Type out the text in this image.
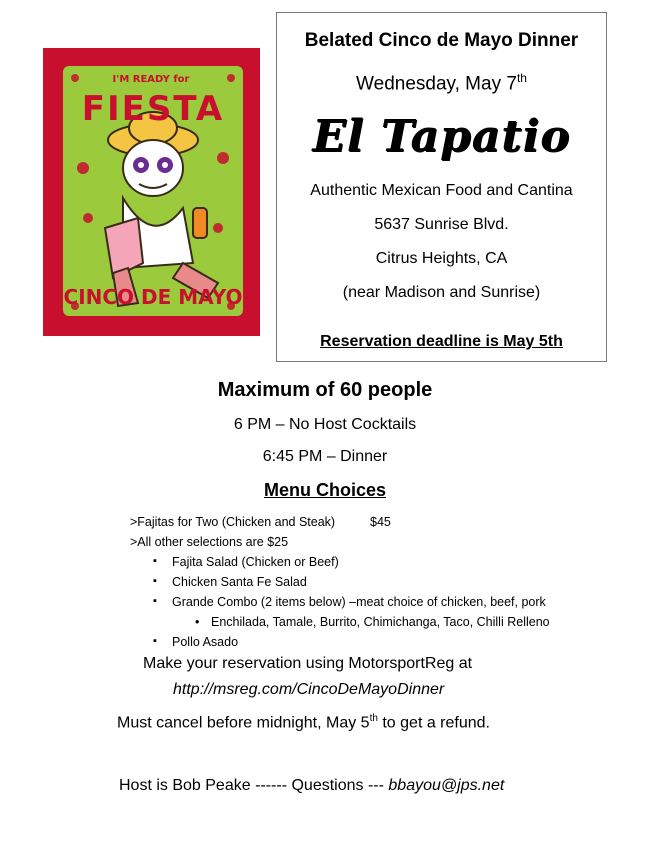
I'M READY for
FIESTA
CINCO DE MAYO
Belated Cinco de Mayo Dinner
Wednesday, May 7th
El Tapatio
Authentic Mexican Food and Cantina
5637 Sunrise Blvd.
Citrus Heights, CA
(near Madison and Sunrise)
Reservation deadline is May 5th
Maximum of 60 people
6 PM – No Host Cocktails
6:45 PM – Dinner
Menu Choices
>Fajitas for Two (Chicken and Steak)	$45
>All other selections are $25
▪ Fajita Salad (Chicken or Beef)
▪ Chicken Santa Fe Salad
▪ Grande Combo (2 items below) –meat choice of chicken, beef, pork
• Enchilada, Tamale, Burrito, Chimichanga, Taco, Chilli Relleno
▪ Pollo Asado
Make your reservation using MotorsportReg at
http://msreg.com/CincoDeMayoDinner
Must cancel before midnight, May 5th to get a refund.
Host is Bob Peake ------ Questions --- bbayou@jps.net
